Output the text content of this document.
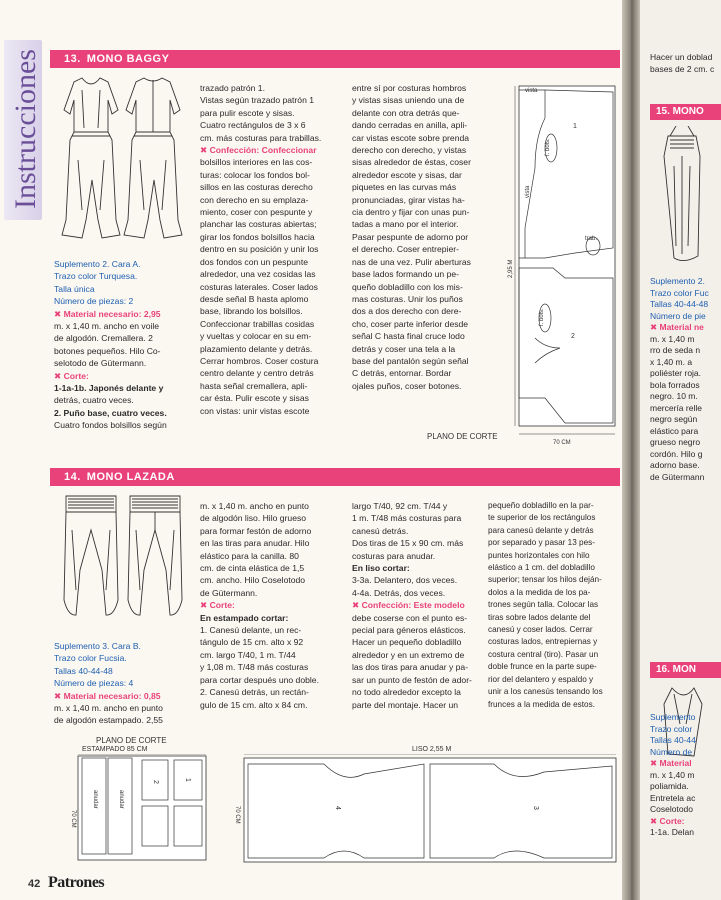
Instrucciones	13. MONO BAGGY

Suplemento 2. Cara A.

Trazo color Turquesa.

Talla única

Número de piezas: 2

✖ Material necesario: 2,95

m. x 1,40 m. ancho en voile

de algodón. Cremallera. 2

botones pequeños. Hilo Co-

selotodo de Gütermann.

✖ Corte:

1-1a-1b. Japonés delante y

detrás, cuatro veces.

2. Puño base, cuatro veces.

Cuatro fondos bolsillos según

trazado patrón 1.

Vistas según trazado patrón 1

para pulir escote y sisas.

Cuatro rectángulos de 3 x 6

cm. más costuras para trabillas.

✖ Confección: Confeccionar

bolsillos interiores en las cos-

turas: colocar los fondos bol-

sillos en las costuras derecho

con derecho en su emplaza-

miento, coser con pespunte y

planchar las costuras abiertas;

girar los fondos bolsillos hacia

dentro en su posición y unir los

dos fondos con un pespunte

alrededor, una vez cosidas las

costuras laterales. Coser lados

desde señal B hasta aplomo

base, librando los bolsillos.

Confeccionar trabillas cosidas

y vueltas y colocar en su em-

plazamiento delante y detrás.

Cerrar hombros. Coser costura

centro delante y centro detrás

hasta señal cremallera, apli-

car ésta. Pulir escote y sisas

con vistas: unir vistas escote

entre sí por costuras hombros

y vistas sisas uniendo una de

delante con otra detrás que-

dando cerradas en anilla, apli-

car vistas escote sobre prenda

derecho con derecho, y vistas

sisas alrededor de éstas, coser

alrededor escote y sisas, dar

piquetes en las curvas más

pronunciadas, girar vistas ha-

cia dentro y fijar con unas pun-

tadas a mano por el interior.

Pasar pespunte de adorno por

el derecho. Coser entrepier-

nas de una vez. Pulir aberturas

base lados formando un pe-

queño dobladillo con los mis-

mas costuras. Unir los puños

dos a dos derecho con dere-

cho, coser parte inferior desde

señal C hasta final cruce lodo

detrás y coser una tela a la

base del pantalón según señal

C detrás, entornar. Bordar

ojales puños, coser botones.

vista
f. bols.
1
vista
trab.
2
f. bols.
2,95 M
70 CM
PLANO DE CORTE
14. MONO LAZADA

Suplemento 3. Cara B.

Trazo color Fucsia.

Tallas 40-44-48

Número de piezas: 4

✖ Material necesario: 0,85

m. x 1,40 m. ancho en punto

de algodón estampado. 2,55

m. x 1,40 m. ancho en punto

de algodón liso. Hilo grueso

para formar festón de adorno

en las tiras para anudar. Hilo

elástico para la canilla. 80

cm. de cinta elástica de 1,5

cm. ancho. Hilo Coselotodo

de Gütermann.

✖ Corte:

En estampado cortar:

1. Canesú delante, un rec-

tángulo de 15 cm. alto x 92

cm. largo T/40, 1 m. T/44

y 1,08 m. T/48 más costuras

para cortar después uno doble.

2. Canesú detrás, un rectán-

gulo de 15 cm. alto x 84 cm.

largo T/40, 92 cm. T/44 y

1 m. T/48 más costuras para

canesú detrás.

Dos tiras de 15 x 90 cm. más

costuras para anudar.

En liso cortar:

3-3a. Delantero, dos veces.

4-4a. Detrás, dos veces.

✖ Confección: Este modelo

debe coserse con el punto es-

pecial para géneros elásticos.

Hacer un pequeño dobladillo

alrededor y en un extremo de

las dos tiras para anudar y pa-

sar un punto de festón de ador-

no todo alrededor excepto la

parte del montaje. Hacer un

pequeño dobladillo en la par-

te superior de los rectángulos

para canesú delante y detrás

por separado y pasar 13 pes-

puntes horizontales con hilo

elástico a 1 cm. del dobladillo

superior; tensar los hilos deján-

dolos a la medida de los pa-

trones según talla. Colocar las

tiras sobre lados delante del

canesú y coser lados. Cerrar

costuras lados, entrepiernas y

costura central (tiro). Pasar un

doble frunce en la parte supe-

rior del delantero y espaldo y

unir a los canesús tensando los

frunces a la medida de estos.

PLANO DE CORTE
ESTAMPADO 85 CM	LISO 2,55 M
anudar	anudar
2
1
70 CM
4	3
70 CM
42 Patrones
Hacer un doblad
bases de 2 cm. c
15. MONO
Suplemento 2.
Trazo color Fuc
Tallas 40-44-48
Número de pie
✖ Material ne
m. x 1,40 m
rro de seda n
x 1,40 m. a
poliéster roja.
bola forrados
negro. 10 m.
mercería relle
negro según
elástico para
grueso negro
cordón. Hilo g
adorno base.
de Gütermann
16. MON
Suplemento
Trazo color
Tallas 40-44
Número de
✖ Material
m. x 1,40 m
poliamida.
Entretela ac
Coselotodo
✖ Corte:
1-1a. Delan
